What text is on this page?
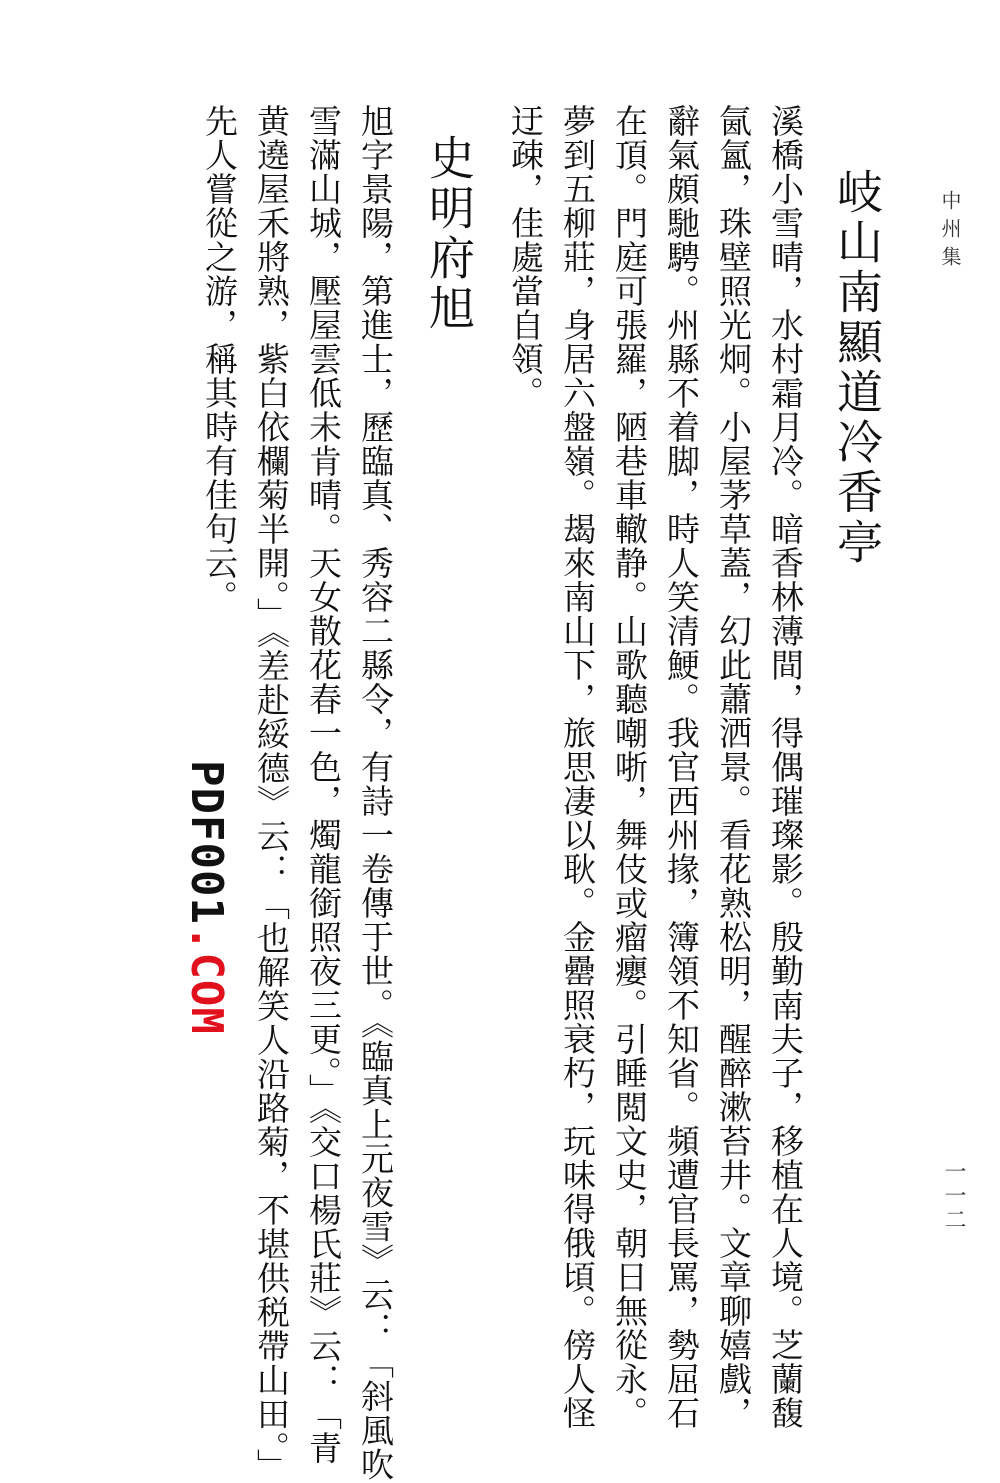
中州集
岐山南顯道冷香亭
溪橋小雪晴，水村霜月冷。暗香林薄間，得偶璀璨影。殷勤南夫子，移植在人境。芝蘭馥
氤氳，珠壁照光炯。小屋茅草蓋，幻此蕭洒景。看花熟松明，醒醉漱苔井。文章聊嬉戲，
辭氣頗馳騁。州縣不着脚，時人笑清鯁。我官西州掾，簿領不知省。頻遭官長罵，勢屈石
在頂。門庭可張羅，陋巷車轍静。山歌聽嘲哳，舞伎或瘤癭。引睡閲文史，朝日無從永。
夢到五柳莊，身居六盤嶺。朅來南山下，旅思凄以耿。金罍照衰朽，玩味得俄頃。傍人怪
迂疎，佳處當自領。
史明府旭
旭字景陽，第進士，歷臨真、秀容二縣令，有詩一卷傳于世。《臨真上元夜雪》云：「斜風吹
雪滿山城，壓屋雲低未肯晴。天女散花春一色，燭龍銜照夜三更。」《交口楊氏莊》云：「青
黄遶屋禾將熟，紫白依欄菊半開。」《差赴綏德》云：「也解笑人沿路菊，不堪供税帶山田。」
先人嘗從之游，稱其時有佳句云。
PDF001.COM
一一二
